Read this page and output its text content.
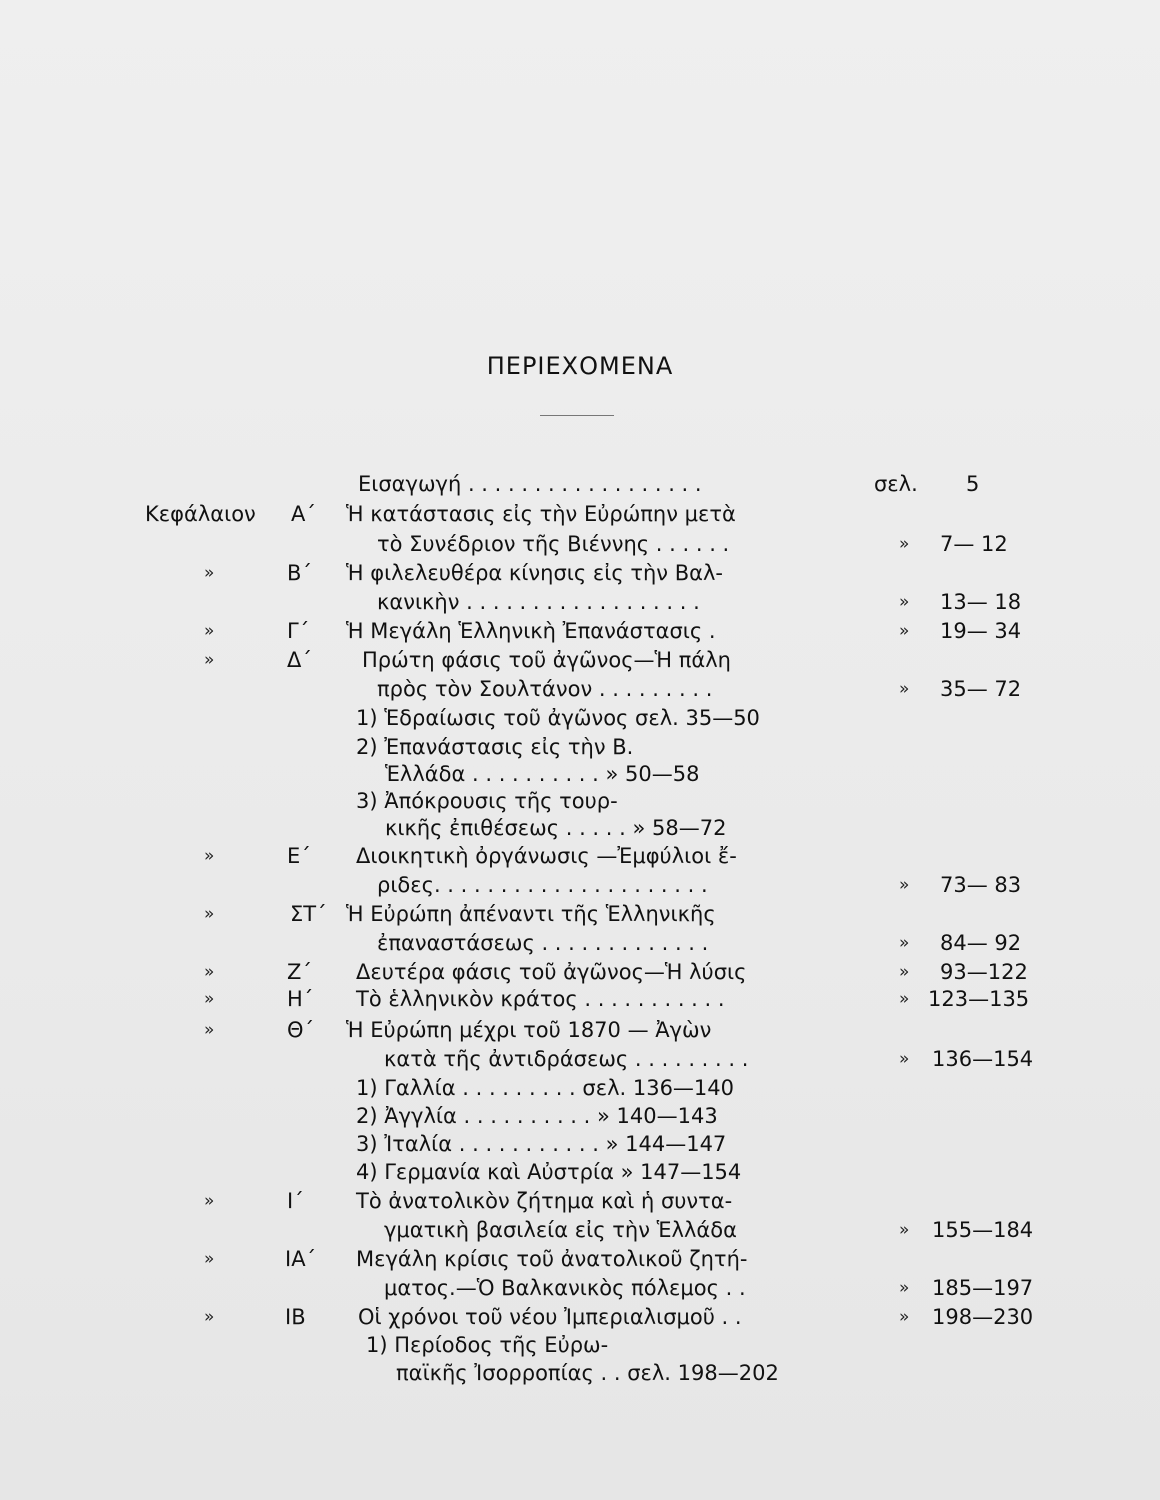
ΠΕΡΙΕΧΟΜΕΝΑ
Εισαγωγή . . . . . . . . . . . . . . . . . .	σελ. 5
Κεφάλαιον Α΄ Ἡ κατάστασις εἰς τὴν Εὐρώπην μετὰ
τὸ Συνέδριον τῆς Βιέννης . . . . . .	» 7— 12
»	Β΄ Ἡ φιλελευθέρα κίνησις εἰς τὴν Βαλ-
κανικὴν . . . . . . . . . . . . . . . . . .	» 13— 18
»	Γ΄ Ἡ Μεγάλη Ἑλληνικὴ Ἐπανάστασις .	» 19— 34
»	Δ΄ Πρώτη φάσις τοῦ ἀγῶνος—Ἡ πάλη
πρὸς τὸν Σουλτάνον . . . . . . . . .	» 35— 72
1) Ἑδραίωσις τοῦ ἀγῶνος σελ. 35—50
2) Ἐπανάστασις εἰς τὴν Β.
Ἑλλάδα . . . . . . . . . . » 50—58
3) Ἀπόκρουσις τῆς τουρ-
κικῆς ἐπιθέσεως . . . . . » 58—72
»	Ε΄ Διοικητικὴ ὀργάνωσις —Ἐμφύλιοι ἔ-
ριδες. . . . . . . . . . . . . . . . . . . . .	» 73— 83
»	ΣΤ΄ Ἡ Εὐρώπη ἀπέναντι τῆς Ἑλληνικῆς
ἐπαναστάσεως . . . . . . . . . . . . .	» 84— 92
»	Ζ΄ Δευτέρα φάσις τοῦ ἀγῶνος—Ἡ λύσις	» 93—122
»	Η΄ Τὸ ἑλληνικὸν κράτος . . . . . . . . . . .	» 123—135
»	Θ΄ Ἡ Εὐρώπη μέχρι τοῦ 1870 — Ἀγὼν
κατὰ τῆς ἀντιδράσεως . . . . . . . . .	» 136—154
1) Γαλλία . . . . . . . . . σελ. 136—140
2) Ἀγγλία . . . . . . . . . . » 140—143
3) Ἰταλία . . . . . . . . . . . » 144—147
4) Γερμανία καὶ Αὐστρία » 147—154
»	Ι΄ Τὸ ἀνατολικὸν ζήτημα καὶ ἡ συντα-
γματικὴ βασιλεία εἰς τὴν Ἑλλάδα	» 155—184
»	ΙΑ΄ Μεγάλη κρίσις τοῦ ἀνατολικοῦ ζητή-
ματος.—Ὁ Βαλκανικὸς πόλεμος . .	» 185—197
»	ΙΒ Οἱ χρόνοι τοῦ νέου Ἰμπεριαλισμοῦ . .	» 198—230
1) Περίοδος τῆς Εὐρω-
παϊκῆς Ἰσορροπίας . . σελ. 198—202
